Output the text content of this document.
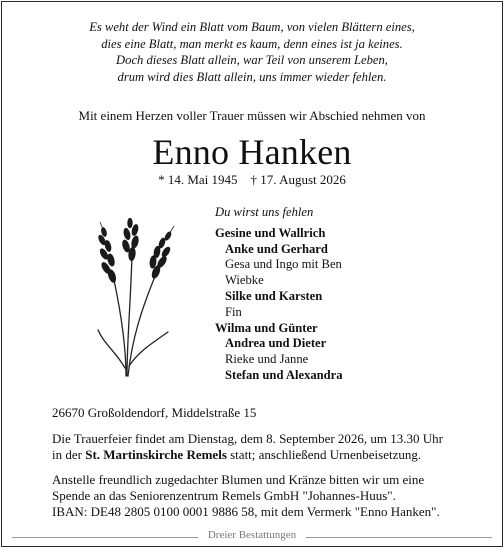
Es weht der Wind ein Blatt vom Baum, von vielen Blättern eines,
dies eine Blatt, man merkt es kaum, denn eines ist ja keines.
Doch dieses Blatt allein, war Teil von unserem Leben,
drum wird dies Blatt allein, uns immer wieder fehlen.
Mit einem Herzen voller Trauer müssen wir Abschied nehmen von
Enno Hanken
* 14. Mai 1945 † 17. August 2026
Du wirst uns fehlen
Gesine und Wallrich
Anke und Gerhard
Gesa und Ingo mit Ben
Wiebke
Silke und Karsten
Fin
Wilma und Günter
Andrea und Dieter
Rieke und Janne
Stefan und Alexandra
26670 Großoldendorf, Middelstraße 15
Die Trauerfeier findet am Dienstag, dem 8. September 2026, um 13.30 Uhr
in der St. Martinskirche Remels statt; anschließend Urnenbeisetzung.
Anstelle freundlich zugedachter Blumen und Kränze bitten wir um eine
Spende an das Seniorenzentrum Remels GmbH "Johannes-Huus".
IBAN: DE48 2805 0100 0001 9886 58, mit dem Vermerk "Enno Hanken".
Dreier Bestattungen
